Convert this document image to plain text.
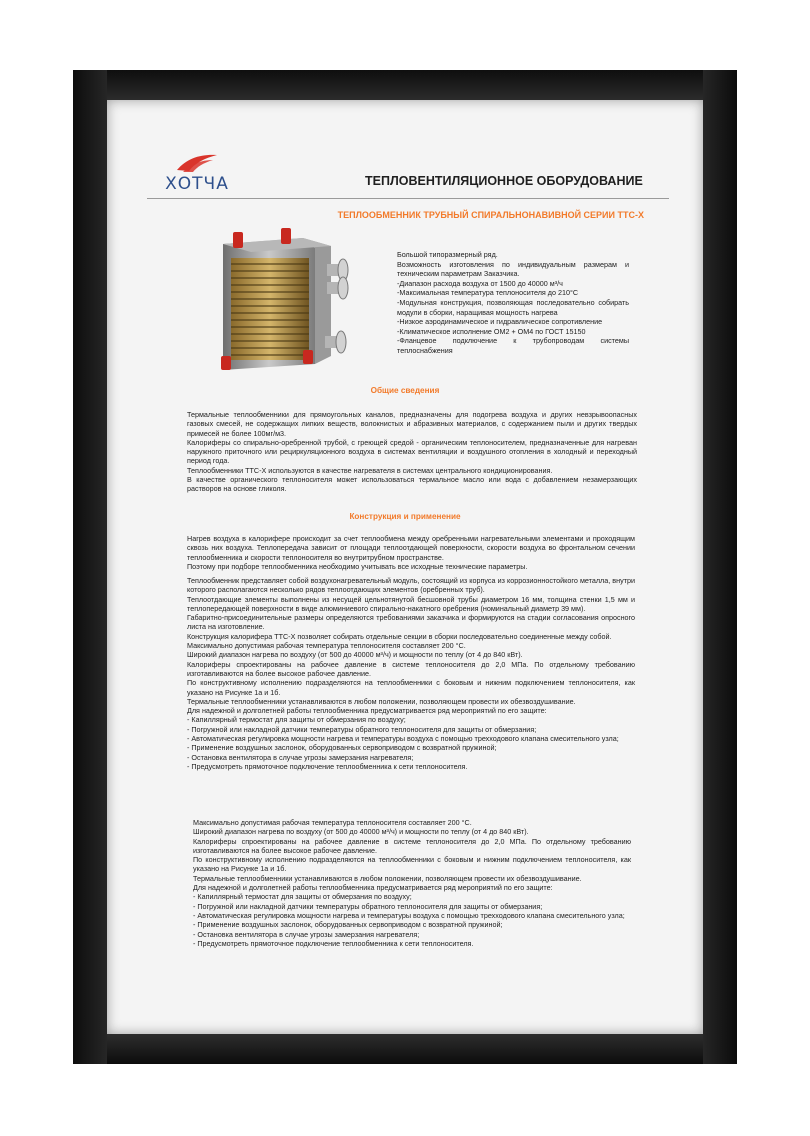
ХОТЧА	ТЕПЛОВЕНТИЛЯЦИОННОЕ ОБОРУДОВАНИЕ
ТЕПЛООБМЕННИК ТРУБНЫЙ СПИРАЛЬНОНАВИВНОЙ СЕРИИ ТТС-Х
Большой типоразмерный ряд.
Возможность изготовления по индивидуальным размерам и техническим параметрам Заказчика.
-Диапазон расхода воздуха от 1500 до 40000 м³/ч
-Максимальная температура теплоносителя до 210°С
-Модульная конструкция, позволяющая последовательно собирать модули в сборки, наращивая мощность нагрева
-Низкое аэродинамическое и гидравлическое сопротивление
-Климатическое исполнение ОМ2 + ОМ4 по ГОСТ 15150
-Фланцевое подключение к трубопроводам системы теплоснабжения
Общие сведения
Термальные теплообменники для прямоугольных каналов, предназначены для подогрева воздуха и других невзрывоопасных газовых смесей, не содержащих липких веществ, волокнистых и абразивных материалов, с содержанием пыли и других твердых примесей не более 100мг/м3.
Калориферы со спирально-оребренной трубой, с греющей средой - органическим теплоносителем, предназначенные для нагреван наружного приточного или рециркуляционного воздуха в системах вентиляции и воздушного отопления в холодный и переходный период года.
Теплообменники ТТС-Х используются в качестве нагревателя в системах центрального кондиционирования.
В качестве органического теплоносителя может использоваться термальное масло или вода с добавлением незамерзающих растворов на основе гликоля.
Конструкция и применение
Нагрев воздуха в калорифере происходит за счет теплообмена между оребренными нагревательными элементами и проходящим сквозь них воздуха. Теплопередача зависит от площади теплоотдающей поверхности, скорости воздуха во фронтальном сечении теплообменника и скорости теплоносителя во внутритрубном пространстве.
Поэтому при подборе теплообменника необходимо учитывать все исходные технические параметры.
Теплообменник представляет собой воздухонагревательный модуль, состоящий из корпуса из коррозионностойкого металла, внутри которого располагаются несколько рядов теплоотдающих элементов (оребренных труб).
Теплоотдающие элементы выполнены из несущей цельнотянутой бесшовной трубы диаметром 16 мм, толщина стенки 1,5 мм и теплопередающей поверхности в виде алюминиевого спирально-накатного оребрения (номинальный диаметр 39 мм).
Габаритно-присоединительные размеры определяются требованиями заказчика и формируются на стадии согласования опросного листа на изготовление.
Конструкция калорифера ТТС-Х позволяет собирать отдельные секции в сборки последовательно соединенные между собой.
Максимально допустимая рабочая температура теплоносителя составляет 200 °С.
Широкий диапазон нагрева по воздуху (от 500 до 40000 м³/ч) и мощности по теплу (от 4 до 840 кВт).
Калориферы спроектированы на рабочее давление в системе теплоносителя до 2,0 МПа. По отдельному требованию изготавливаются на более высокое рабочее давление.
По конструктивному исполнению подразделяются на теплообменники с боковым и нижним подключением теплоносителя, как указано на Рисунке 1а и 1б.
Термальные теплообменники устанавливаются в любом положении, позволяющем провести их обезвоздушивание.
Для надежной и долголетней работы теплообменника предусматривается ряд мероприятий по его защите:
- Капиллярный термостат для защиты от обмерзания по воздуху;
- Погружной или накладной датчики температуры обратного теплоносителя для защиты от обмерзания;
- Автоматическая регулировка мощности нагрева и температуры воздуха с помощью трехходового клапана смесительного узла;
- Применение воздушных заслонок, оборудованных сервоприводом с возвратной пружиной;
- Остановка вентилятора в случае угрозы замерзания нагревателя;
- Предусмотреть прямоточное подключение теплообменника к сети теплоносителя.
Максимально допустимая рабочая температура теплоносителя составляет 200 °С.
Широкий диапазон нагрева по воздуху (от 500 до 40000 м³/ч) и мощности по теплу (от 4 до 840 кВт).
Калориферы спроектированы на рабочее давление в системе теплоносителя до 2,0 МПа. По отдельному требованию изготавливаются на более высокое рабочее давление.
По конструктивному исполнению подразделяются на теплообменники с боковым и нижним подключением теплоносителя, как указано на Рисунке 1а и 1б.
Термальные теплообменники устанавливаются в любом положении, позволяющем провести их обезвоздушивание.
Для надежной и долголетней работы теплообменника предусматривается ряд мероприятий по его защите:
- Капиллярный термостат для защиты от обмерзания по воздуху;
- Погружной или накладной датчики температуры обратного теплоносителя для защиты от обмерзания;
- Автоматическая регулировка мощности нагрева и температуры воздуха с помощью трехходового клапана смесительного узла;
- Применение воздушных заслонок, оборудованных сервоприводом с возвратной пружиной;
- Остановка вентилятора в случае угрозы замерзания нагревателя;
- Предусмотреть прямоточное подключение теплообменника к сети теплоносителя.
